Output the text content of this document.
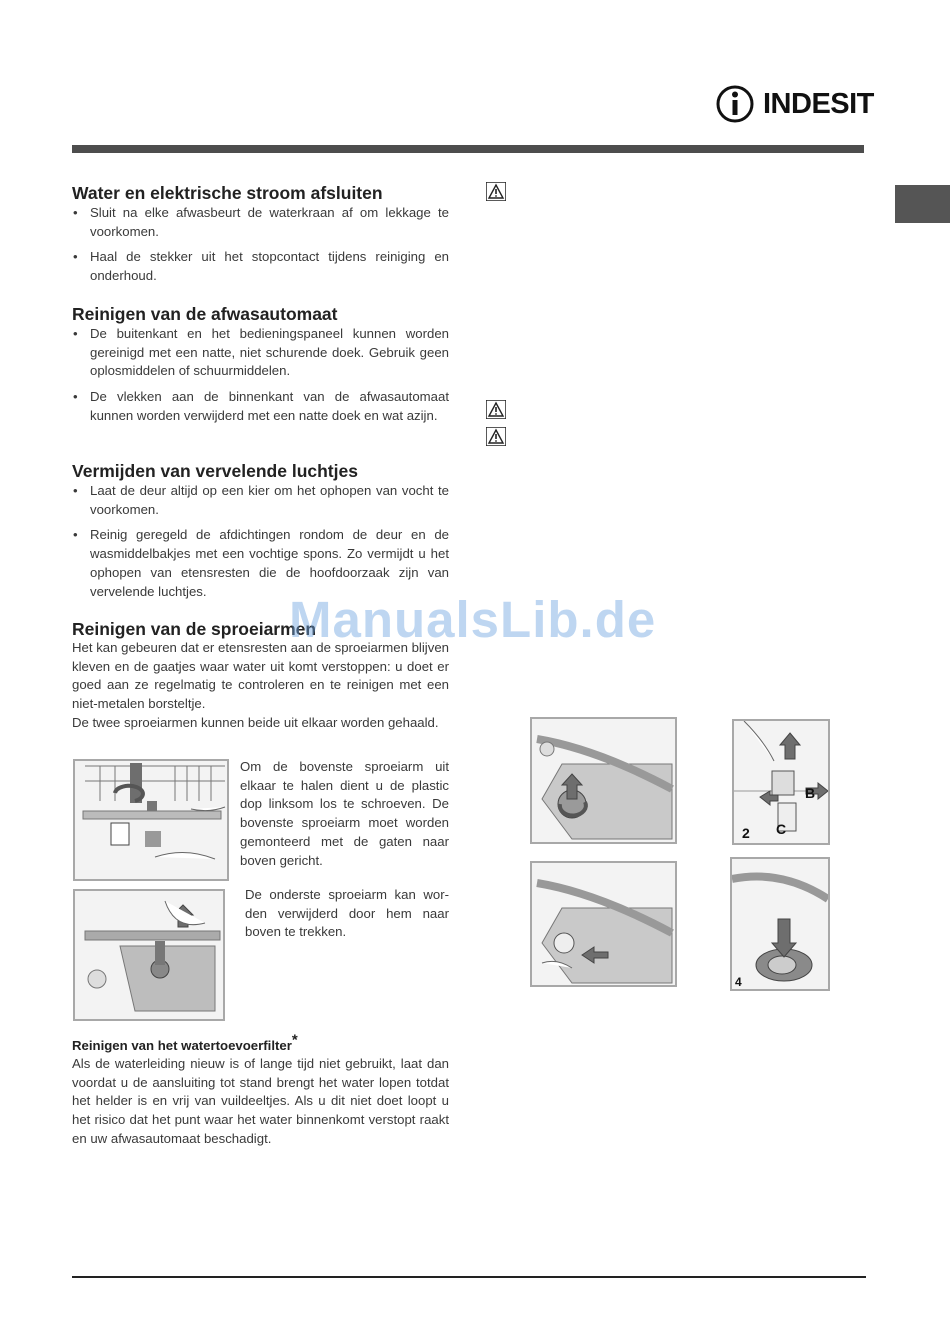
INDESIT
Water en elektrische stroom afsluiten
• Sluit na elke afwasbeurt de waterkraan af om lekkage te voorkomen.
• Haal de stekker uit het stopcontact tijdens reiniging en onderhoud.
Reinigen van de afwasautomaat
• De buitenkant en het bedieningspaneel kunnen worden gereinigd met een natte, niet schurende doek. Gebruik geen oplosmiddelen of schuurmiddelen.
• De vlekken aan de binnenkant van de afwasautomaat kunnen worden verwijderd met een natte doek en wat azijn.
Vermijden van vervelende luchtjes
• Laat de deur altijd op een kier om het ophopen van vocht te voorkomen.
• Reinig geregeld de afdichtingen rondom de deur en de wasmiddelbakjes met een vochtige spons. Zo vermijdt u het ophopen van etensresten die de hoofdoorzaak zijn van vervelende luchtjes.
Reinigen van de sproeiarmen

Het kan gebeuren dat er etensresten aan de sproeiarmen blijven kleven en de gaatjes waar water uit komt verstoppen: u doet er goed aan ze regelmatig te controleren en te reinigen met een niet-metalen borsteltje.

De twee sproeiarmen kunnen beide uit elkaar worden gehaald.

Om de bovenste sproeiarm uit elkaar te halen dient u de plastic dop linksom los te schroeven. De bovenste sproeiarm moet worden gemonteerd met de gaten naar boven gericht.

De onderste sproeiarm kan wor-den verwijderd door hem naar boven te trekken.

Reinigen van het watertoevoerfilter*

Als de waterleiding nieuw is of lange tijd niet gebruikt, laat dan voordat u de aansluiting tot stand brengt het water lopen totdat het helder is en vrij van vuildeeltjes. Als u dit niet doet loopt u het risico dat het punt waar het water binnenkomt verstopt raakt en uw afwasautomaat beschadigt.

2
B
C
4
ManualsLib.de
